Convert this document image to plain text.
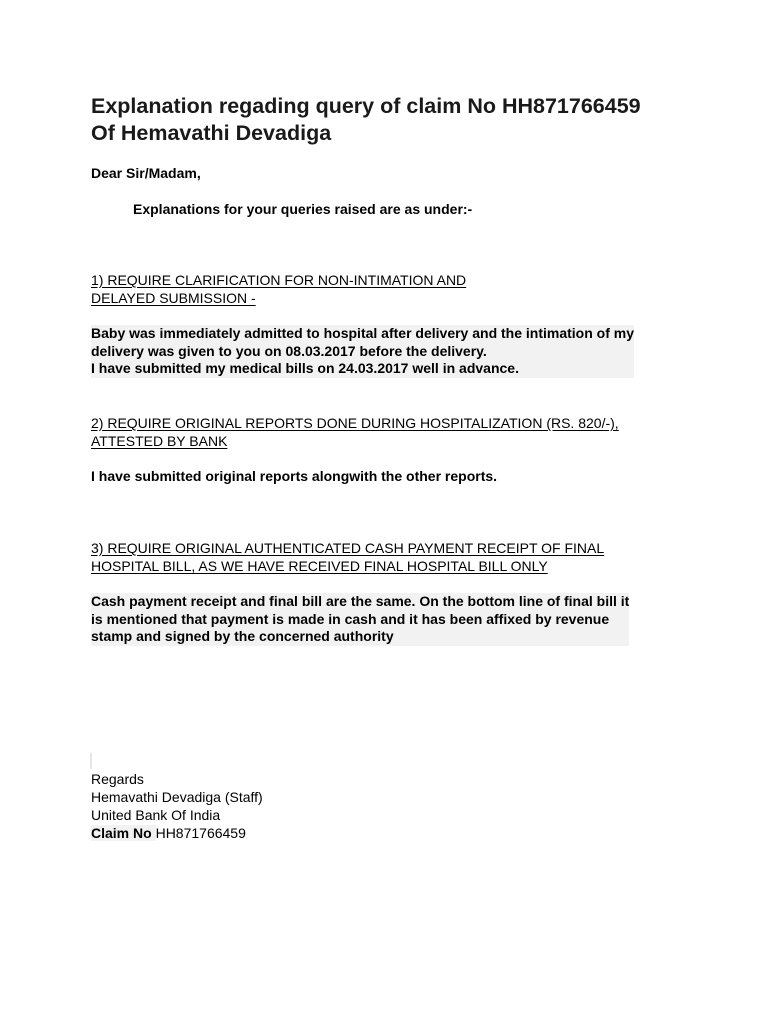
Explanation regading query of claim No HH871766459
Of Hemavathi Devadiga

Dear Sir/Madam,

Explanations for your queries raised are as under:-

1) REQUIRE CLARIFICATION FOR NON-INTIMATION AND
DELAYED SUBMISSION -
Baby was immediately admitted to hospital after delivery and the intimation of my
delivery was given to you on 08.03.2017 before the delivery.
I have submitted my medical bills on 24.03.2017 well in advance.
2) REQUIRE ORIGINAL REPORTS DONE DURING HOSPITALIZATION (RS. 820/-),
ATTESTED BY BANK
I have submitted original reports alongwith the other reports.
3) REQUIRE ORIGINAL AUTHENTICATED CASH PAYMENT RECEIPT OF FINAL
HOSPITAL BILL, AS WE HAVE RECEIVED FINAL HOSPITAL BILL ONLY
Cash payment receipt and final bill are the same. On the bottom line of final bill it
is mentioned that payment is made in cash and it has been affixed by revenue
stamp and signed by the concerned authority
Regards
Hemavathi Devadiga (Staff)
United Bank Of India
Claim No HH871766459
